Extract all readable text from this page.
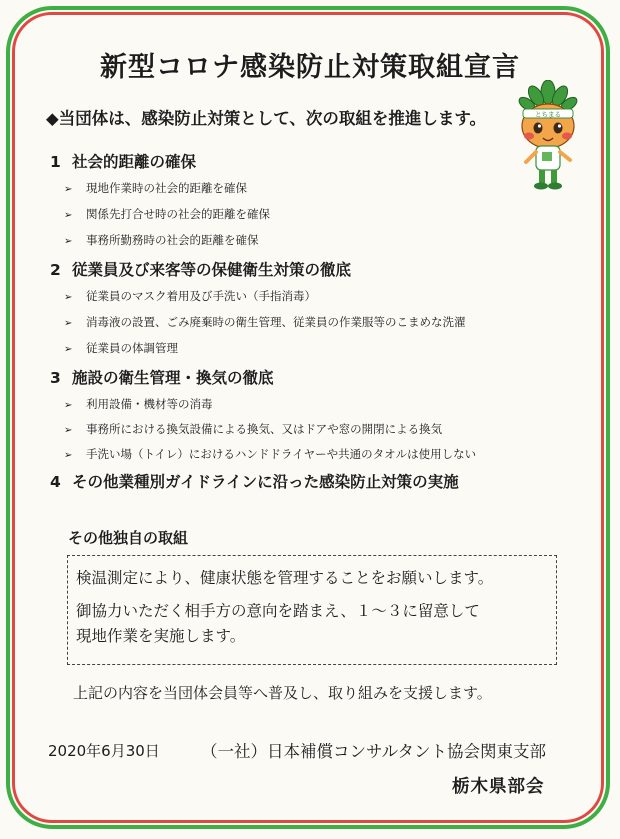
新型コロナ感染防止対策取組宣言
◆当団体は、感染防止対策として、次の取組を推進します。
1 社会的距離の確保
➢ 現地作業時の社会的距離を確保
➢ 関係先打合せ時の社会的距離を確保
➢ 事務所勤務時の社会的距離を確保
2 従業員及び来客等の保健衛生対策の徹底
➢ 従業員のマスク着用及び手洗い（手指消毒）
➢ 消毒液の設置、ごみ廃棄時の衛生管理、従業員の作業服等のこまめな洗濯
➢ 従業員の体調管理
3 施設の衛生管理・換気の徹底
➢ 利用設備・機材等の消毒
➢ 事務所における換気設備による換気、又はドアや窓の開閉による換気
➢ 手洗い場（トイレ）におけるハンドドライヤーや共通のタオルは使用しない
4 その他業種別ガイドラインに沿った感染防止対策の実施
その他独自の取組
検温測定により、健康状態を管理することをお願いします。
御協力いただく相手方の意向を踏まえ、１～３に留意して
現地作業を実施します。
上記の内容を当団体会員等へ普及し、取り組みを支援します。
2020年6月30日 （一社）日本補償コンサルタント協会関東支部
栃木県部会
とちまる
